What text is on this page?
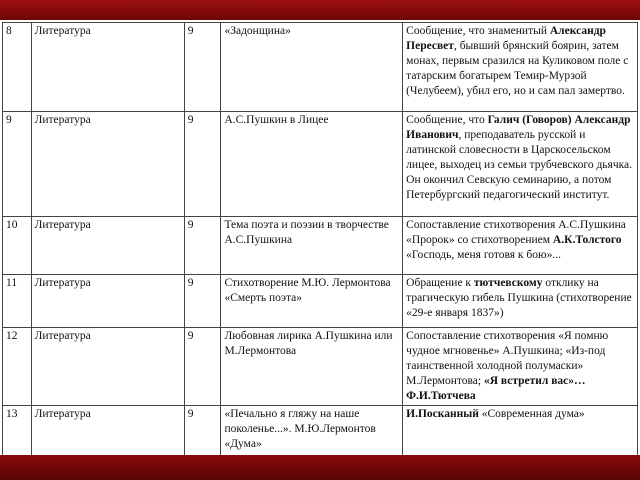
8	Литература	9	«Задонщина»	Сообщение, что знаменитый Александр Пересвет, бывший брянский боярин, затем монах, первым сразился на Куликовом поле с татарским богатырем Темир-Мурзой (Челубеем), убил его, но и сам пал замертво.
9	Литература	9	А.С.Пушкин в Лицее	Сообщение, что Галич (Говоров) Александр Иванович, преподаватель русской и латинской словесности в Царскосельском лицее, выходец из семьи трубчевского дьячка. Он окончил Севскую семинарию, а потом Петербургский педагогический институт.
10	Литература	9	Тема поэта и поэзии в творчестве А.С.Пушкина	Сопоставление стихотворения А.С.Пушкина «Пророк» со стихотворением А.К.Толстого «Господь, меня готовя к бою»...
11	Литература	9	Стихотворение М.Ю. Лермонтова «Смерть поэта»	Обращение к тютчевскому отклику на трагическую гибель Пушкина (стихотворение «29-е января 1837»)
12	Литература	9	Любовная лирика А.Пушкина или М.Лермонтова	Сопоставление стихотворения «Я помню чудное мгновенье» А.Пушкина; «Из-под таинственной холодной полумаски» М.Лермонтова; «Я встретил вас»… Ф.И.Тютчева
13	Литература	9	«Печально я гляжу на наше поколенье...». М.Ю.Лермонтов «Дума»	И.Посканный «Современная дума»
